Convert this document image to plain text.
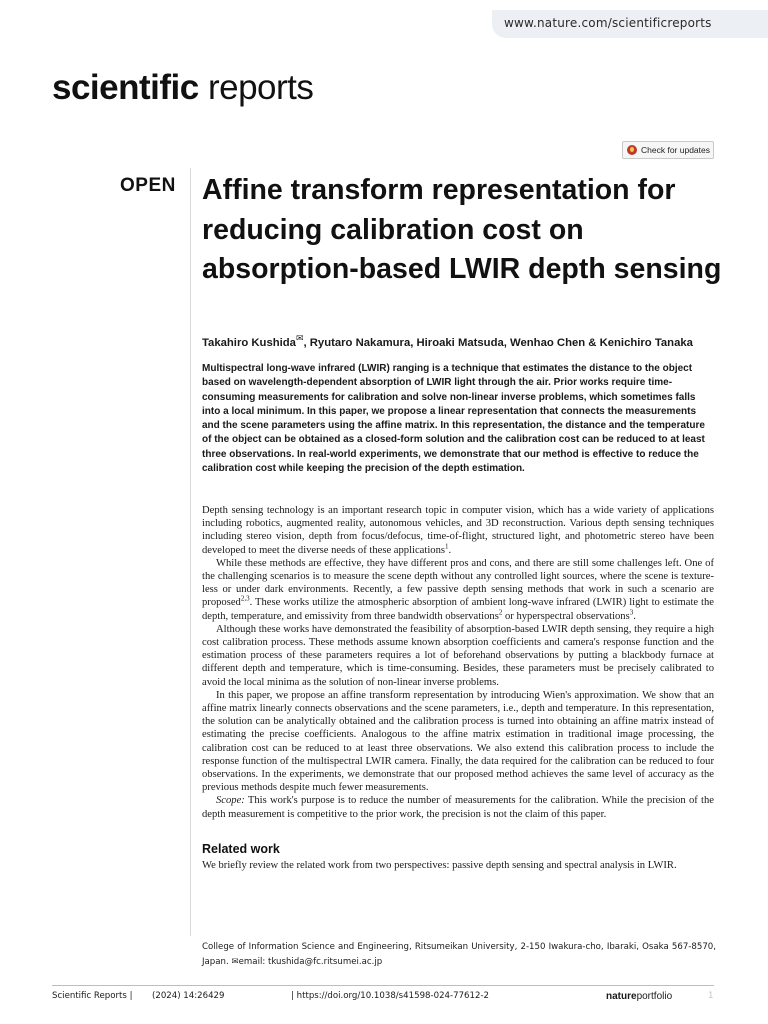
www.nature.com/scientificreports
scientific reports
Check for updates
OPEN Affine transform representation for reducing calibration cost on absorption-based LWIR depth sensing
Takahiro Kushida✉, Ryutaro Nakamura, Hiroaki Matsuda, Wenhao Chen & Kenichiro Tanaka

Multispectral long-wave infrared (LWIR) ranging is a technique that estimates the distance to the object based on wavelength-dependent absorption of LWIR light through the air. Prior works require time-consuming measurements for calibration and solve non-linear inverse problems, which sometimes falls into a local minimum. In this paper, we propose a linear representation that connects the measurements and the scene parameters using the affine matrix. In this representation, the distance and the temperature of the object can be obtained as a closed-form solution and the calibration cost can be reduced to at least three observations. In real-world experiments, we demonstrate that our method is effective to reduce the calibration cost while keeping the precision of the depth estimation.

Depth sensing technology is an important research topic in computer vision, which has a wide variety of applications including robotics, augmented reality, autonomous vehicles, and 3D reconstruction. Various depth sensing techniques including stereo vision, depth from focus/defocus, time-of-flight, structured light, and photometric stereo have been developed to meet the diverse needs of these applications$^1$.

While these methods are effective, they have different pros and cons, and there are still some challenges left. One of the challenging scenarios is to measure the scene depth without any controlled light sources, where the scene is texture-less or under dark environments. Recently, a few passive depth sensing methods that work in such a scenario are proposed$^{2,3}$. These works utilize the atmospheric absorption of ambient long-wave infrared (LWIR) light to estimate the depth, temperature, and emissivity from three bandwidth observations$^2$ or hyperspectral observations$^3$.

Although these works have demonstrated the feasibility of absorption-based LWIR depth sensing, they require a high cost calibration process. These methods assume known absorption coefficients and camera's response function and the estimation process of these parameters requires a lot of beforehand observations by putting a blackbody furnace at different depth and temperature, which is time-consuming. Besides, these parameters must be precisely calibrated to avoid the local minima as the solution of non-linear inverse problems.

In this paper, we propose an affine transform representation by introducing Wien's approximation. We show that an affine matrix linearly connects observations and the scene parameters, i.e., depth and temperature. In this representation, the solution can be analytically obtained and the calibration process is turned into obtaining an affine matrix instead of estimating the precise coefficients. Analogous to the affine matrix estimation in traditional image processing, the calibration cost can be reduced to at least three observations. We also extend this calibration process to include the response function of the multispectral LWIR camera. Finally, the data required for the calibration can be reduced to four observations. In the experiments, we demonstrate that our proposed method achieves the same level of accuracy as the previous methods despite much fewer measurements.

Scope: This work's purpose is to reduce the number of measurements for the calibration. While the precision of the depth measurement is competitive to the prior work, the precision is not the claim of this paper.

Related work
We briefly review the related work from two perspectives: passive depth sensing and spectral analysis in LWIR.
College of Information Science and Engineering, Ritsumeikan University, 2-150 Iwakura-cho, Ibaraki, Osaka 567-8570, Japan. ✉email: tkushida@fc.ritsumei.ac.jp
Scientific Reports | (2024) 14:26429	| https://doi.org/10.1038/s41598-024-77612-2	natureportfolio	1
